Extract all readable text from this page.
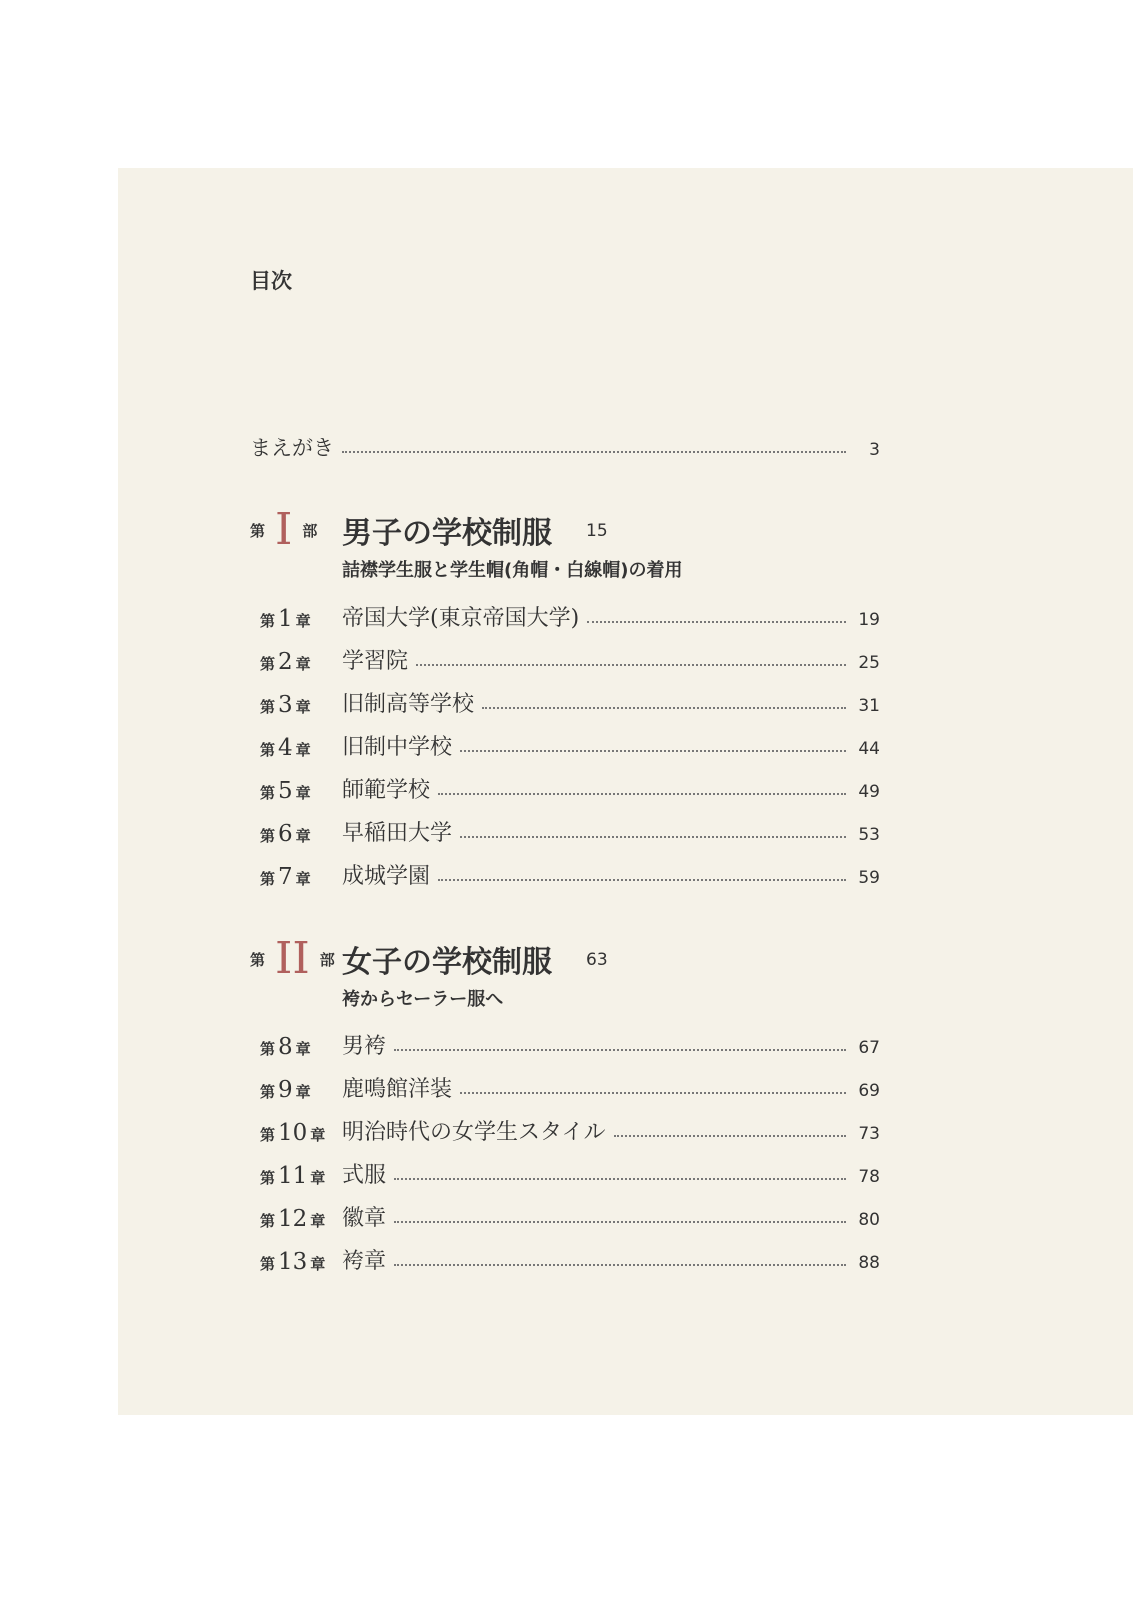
目次
まえがき	3
第 I 部 男子の学校制服 15
詰襟学生服と学生帽(角帽・白線帽)の着用
第 1 章 帝国大学(東京帝国大学)	19
第 2 章 学習院	25
第 3 章 旧制高等学校	31
第 4 章 旧制中学校	44
第 5 章 師範学校	49
第 6 章 早稲田大学	53
第 7 章 成城学園	59
第 II 部 女子の学校制服 63
袴からセーラー服へ
第 8 章 男袴	67
第 9 章 鹿鳴館洋装	69
第 10 章 明治時代の女学生スタイル	73
第 11 章 式服	78
第 12 章 徽章	80
第 13 章 袴章	88
